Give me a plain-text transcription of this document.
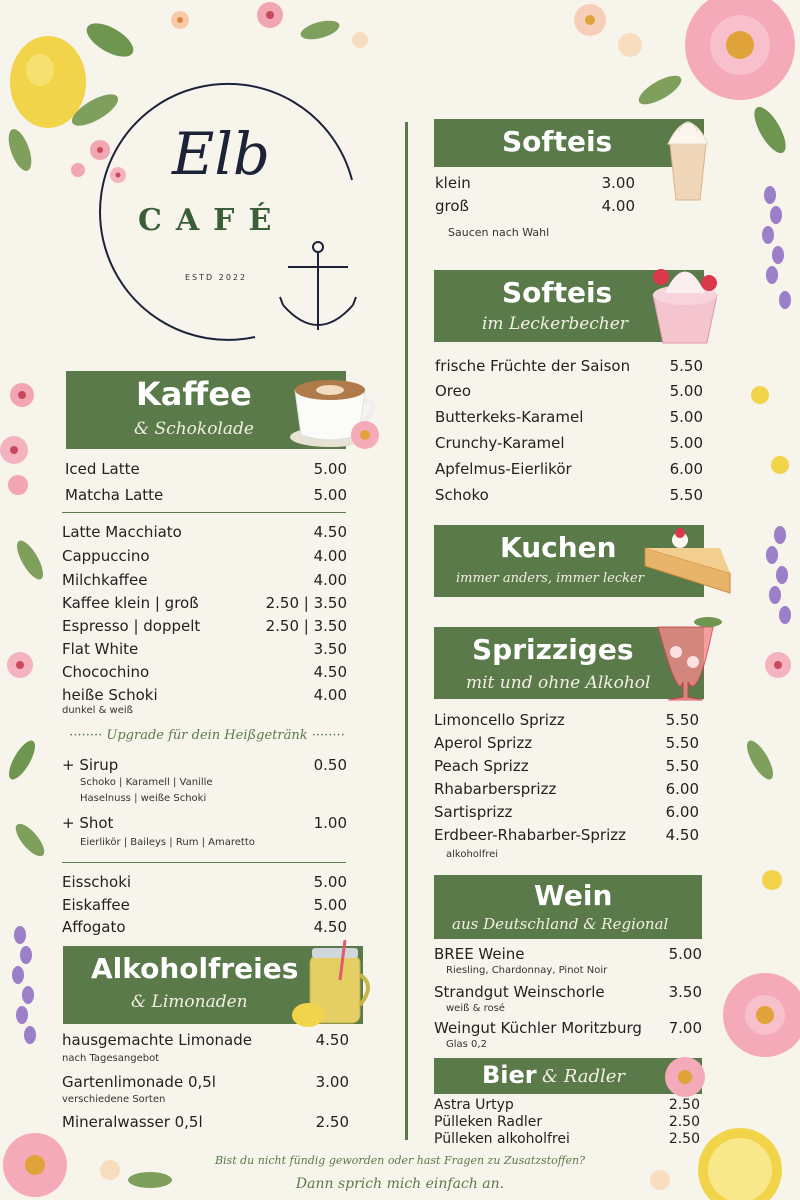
Elb
CAFÉ
ESTD 2022
Kaffee
& Schokolade
Iced Latte	5.00
Matcha Latte	5.00
Latte Macchiato	4.50
Cappuccino	4.00
Milchkaffee	4.00
Kaffee klein | groß	2.50 | 3.50
Espresso | doppelt	2.50 | 3.50
Flat White	3.50
Chocochino	4.50
heiße Schoki	4.00
dunkel & weiß
········ Upgrade für dein Heißgetränk ········
+ Sirup	0.50
Schoko | Karamell | Vanille
Haselnuss | weiße Schoki
+ Shot	1.00
Eierlikör | Baileys | Rum | Amaretto
Eisschoki	5.00
Eiskaffee	5.00
Affogato	4.50
Alkoholfreies
& Limonaden
hausgemachte Limonade	4.50
nach Tagesangebot
Gartenlimonade 0,5l	3.00
verschiedene Sorten
Mineralwasser 0,5l	2.50
Softeis
klein	3.00
groß	4.00
Saucen nach Wahl
Softeis
im Leckerbecher
frische Früchte der Saison	5.50
Oreo	5.00
Butterkeks-Karamel	5.00
Crunchy-Karamel	5.00
Apfelmus-Eierlikör	6.00
Schoko	5.50
Kuchen
immer anders, immer lecker
Sprizziges
mit und ohne Alkohol
Limoncello Sprizz	5.50
Aperol Sprizz	5.50
Peach Sprizz	5.50
Rhabarbersprizz	6.00
Sartisprizz	6.00
Erdbeer-Rhabarber-Sprizz	4.50
alkoholfrei
Wein
aus Deutschland & Regional
BREE Weine	5.00
Riesling, Chardonnay, Pinot Noir
Strandgut Weinschorle	3.50
weiß & rosé
Weingut Küchler Moritzburg 7.00
Glas 0,2
Bier & Radler
Astra Urtyp	2.50
Pülleken Radler	2.50
Pülleken alkoholfrei	2.50
Bist du nicht fündig geworden oder hast Fragen zu Zusatzstoffen?
Dann sprich mich einfach an.
